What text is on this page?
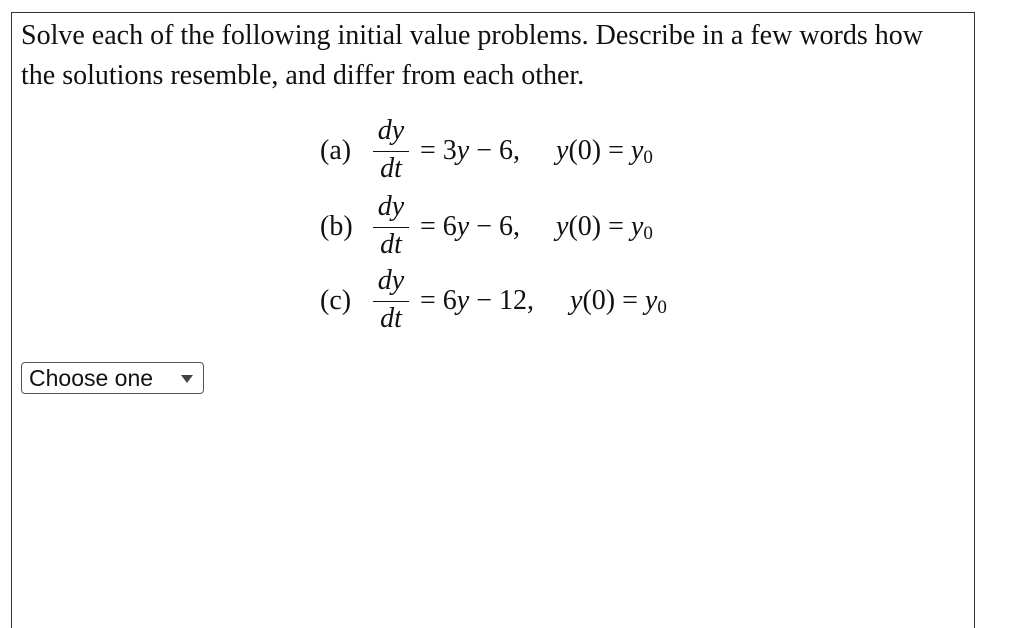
Solve each of the following initial value problems. Describe in a few words how the solutions resemble, and differ from each other.

(a)
dy
dt
= 3y − 6, y(0) = y0
(b)
dy
dt
= 6y − 6, y(0) = y0
(c)
dy
dt
= 6y − 12, y(0) = y0
Choose one
